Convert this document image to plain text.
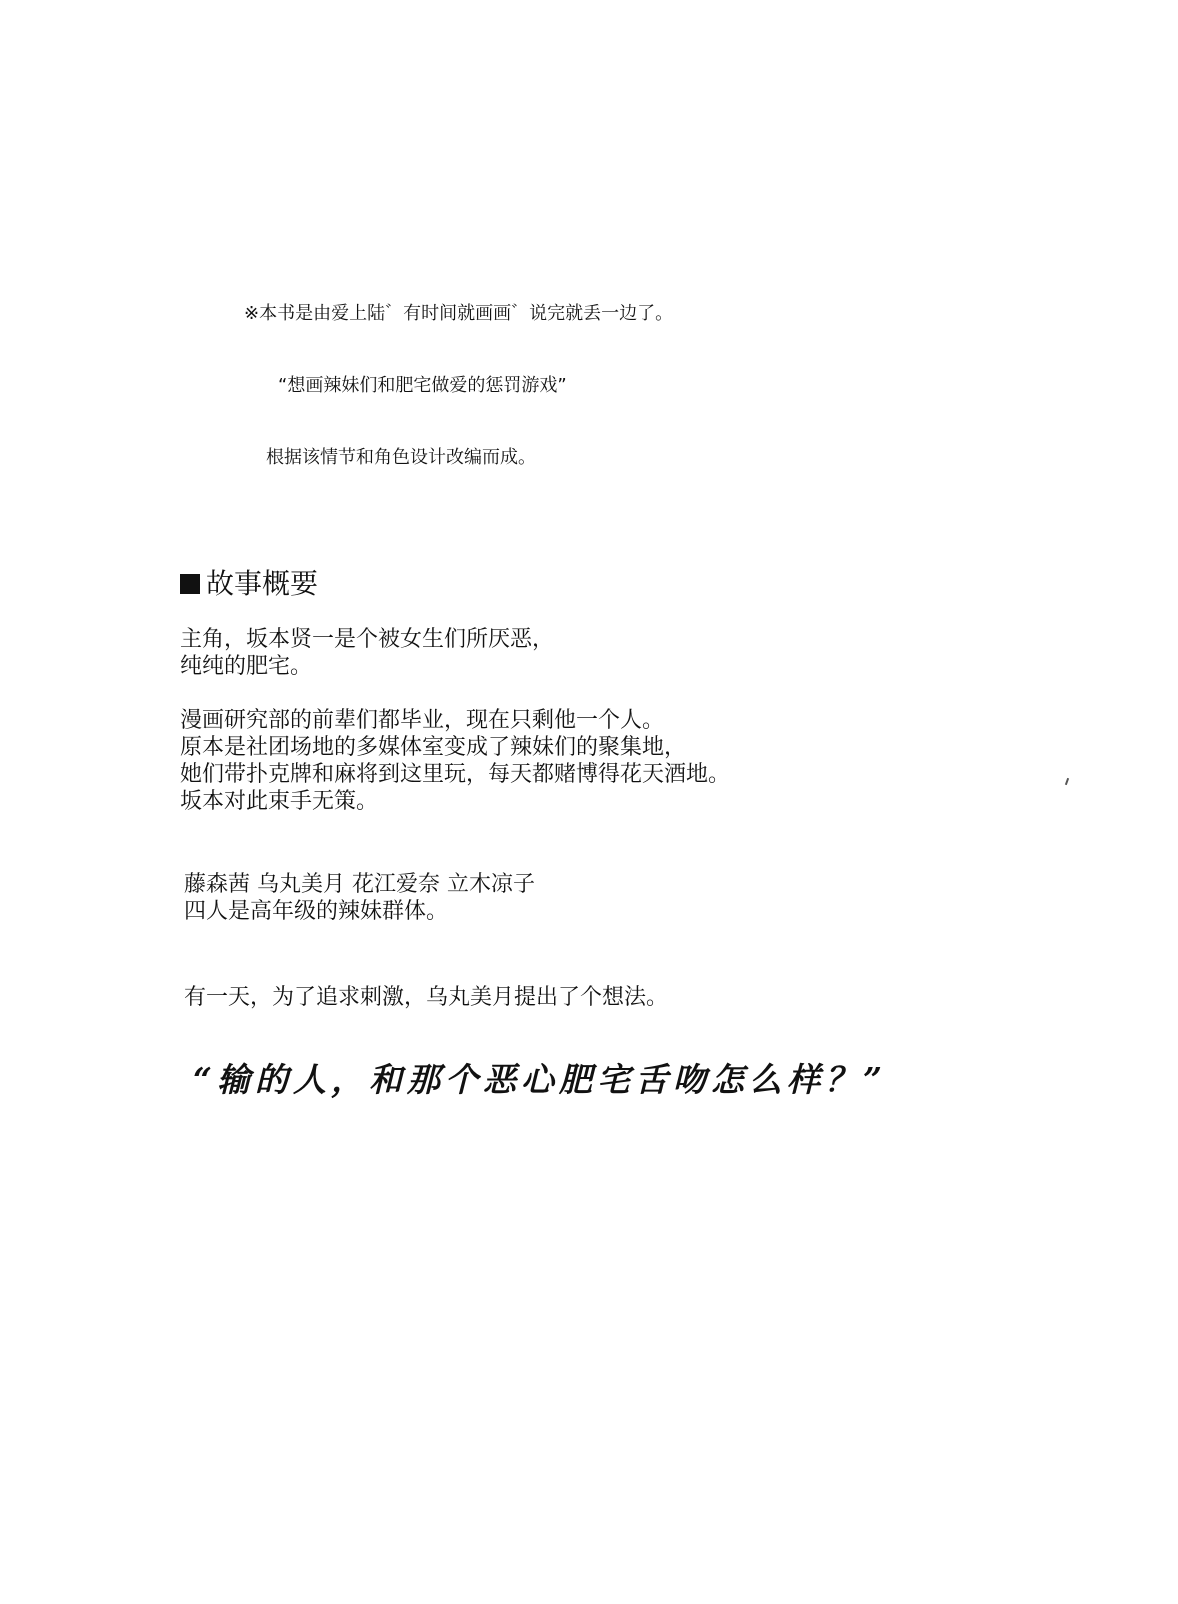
※本书是由爱上陆゛有时间就画画゛说完就丢一边了。

“想画辣妹们和肥宅做爱的惩罚游戏”

根据该情节和角色设计改编而成。

故事概要
主角，坂本贤一是个被女生们所厌恶，
纯纯的肥宅。
漫画研究部的前辈们都毕业，现在只剩他一个人。
原本是社团场地的多媒体室变成了辣妹们的聚集地，
她们带扑克牌和麻将到这里玩，每天都赌博得花天酒地。
坂本对此束手无策。
藤森茜 乌丸美月 花江爱奈 立木凉子
四人是高年级的辣妹群体。
有一天，为了追求刺激，乌丸美月提出了个想法。
“输的人，和那个恶心肥宅舌吻怎么样？”
